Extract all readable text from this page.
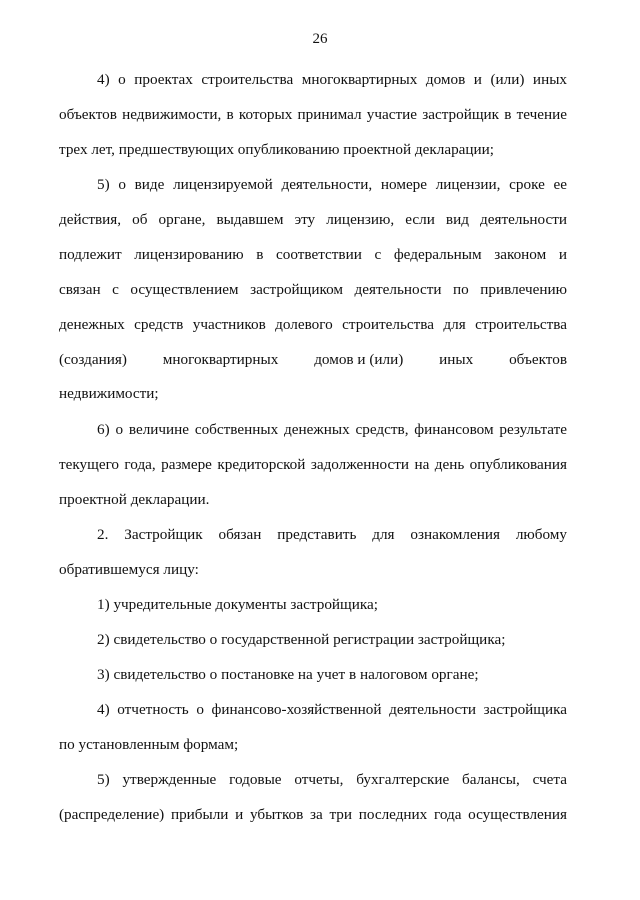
26
4) о проектах строительства многоквартирных домов и (или) иных
объектов недвижимости, в которых принимал участие застройщик в течение
трех лет, предшествующих опубликованию проектной декларации;
5) о виде лицензируемой деятельности, номере лицензии, сроке ее
действия, об органе, выдавшем эту лицензию, если вид деятельности
подлежит лицензированию в соответствии с федеральным законом и
связан с осуществлением застройщиком деятельности по привлечению
денежных средств участников долевого строительства для строительства
(создания) многоквартирных домов и (или) иных объектов
недвижимости;
6) о величине собственных денежных средств, финансовом результате
текущего года, размере кредиторской задолженности на день опубликования
проектной декларации.
2. Застройщик обязан представить для ознакомления любому
обратившемуся лицу:
1) учредительные документы застройщика;
2) свидетельство о государственной регистрации застройщика;
3) свидетельство о постановке на учет в налоговом органе;
4) отчетность о финансово-хозяйственной деятельности застройщика
по установленным формам;
5) утвержденные годовые отчеты, бухгалтерские балансы, счета
(распределение) прибыли и убытков за три последних года осуществления
